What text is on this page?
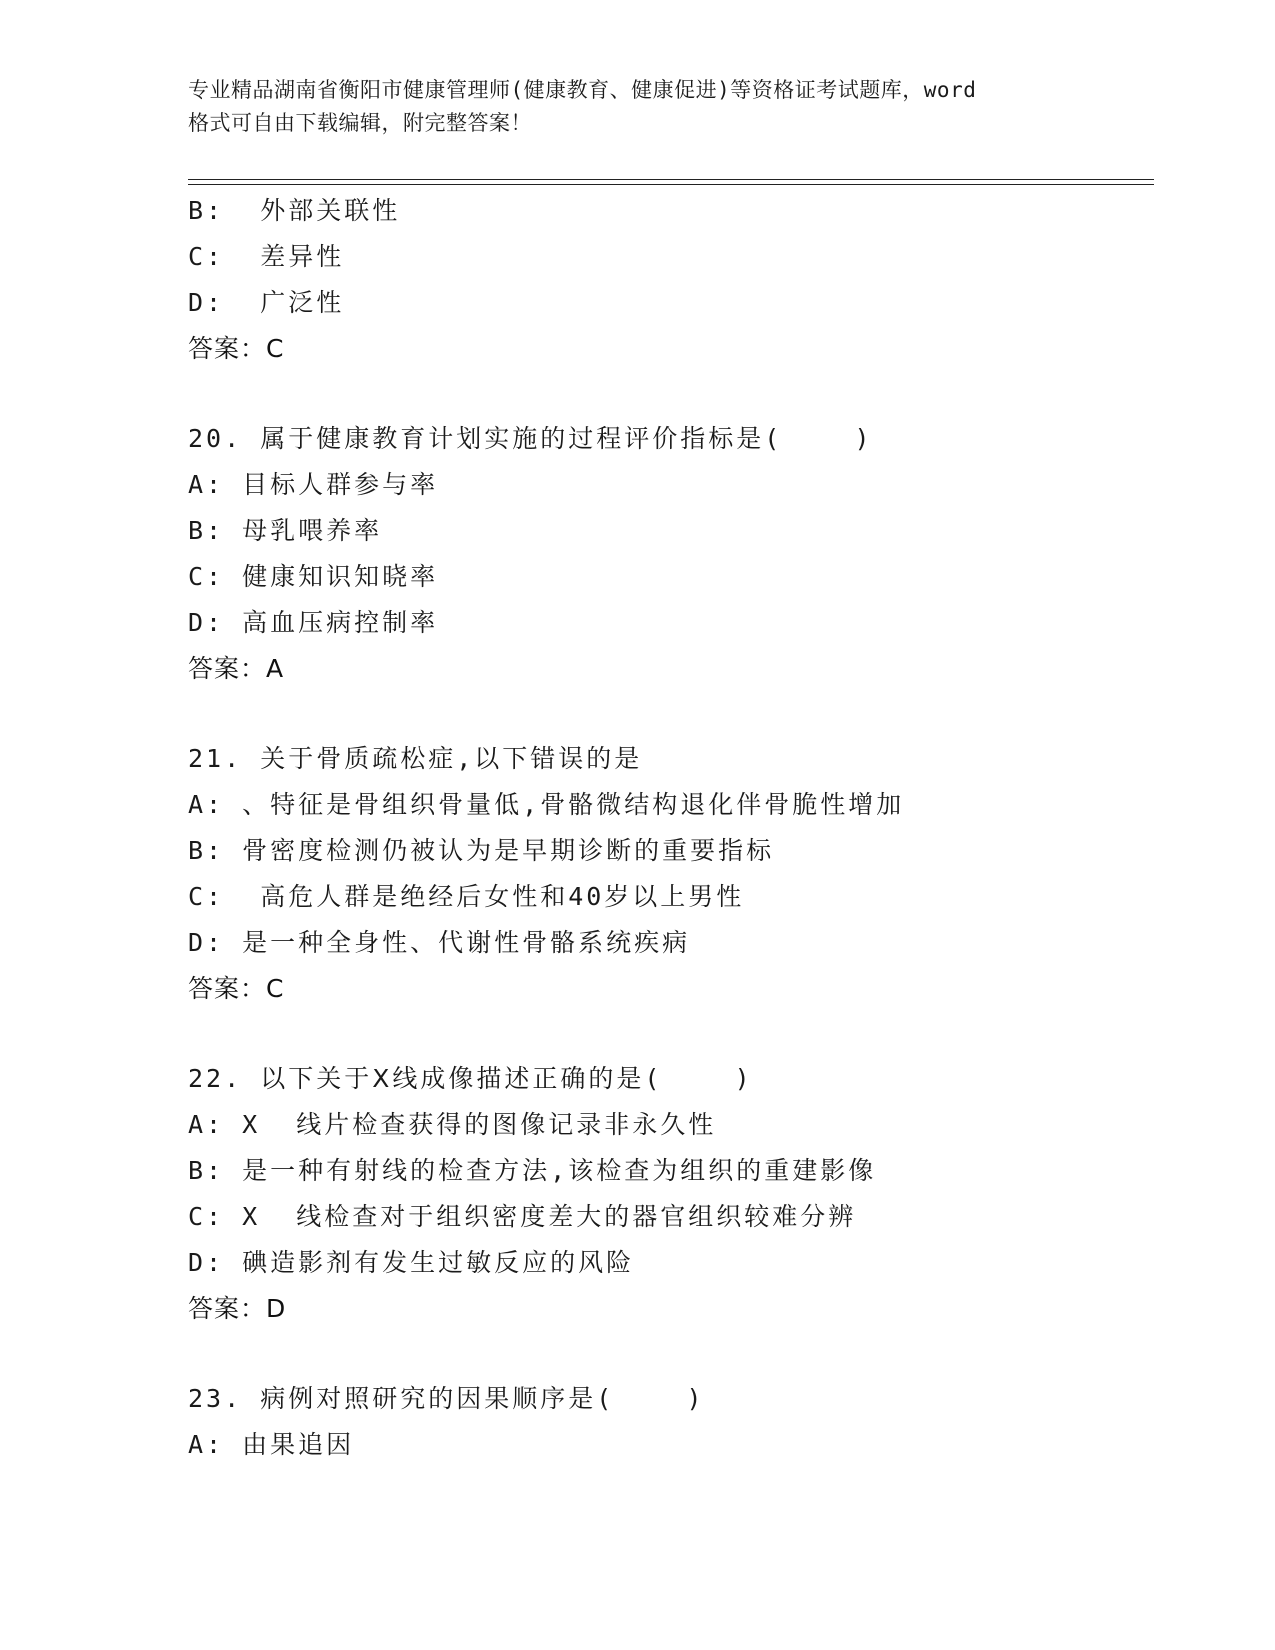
专业精品湖南省衡阳市健康管理师(健康教育、健康促进)等资格证考试题库，word
格式可自由下载编辑，附完整答案！
B:  外部关联性
C:  差异性
D:  广泛性
答案：C
20. 属于健康教育计划实施的过程评价指标是(    )
A: 目标人群参与率
B: 母乳喂养率
C: 健康知识知晓率
D: 高血压病控制率
答案：A
21. 关于骨质疏松症,以下错误的是
A: 、特征是骨组织骨量低,骨骼微结构退化伴骨脆性增加
B: 骨密度检测仍被认为是早期诊断的重要指标
C:  高危人群是绝经后女性和40岁以上男性
D: 是一种全身性、代谢性骨骼系统疾病
答案：C
22. 以下关于Ⅹ线成像描述正确的是(    )
A: X  线片检查获得的图像记录非永久性
B: 是一种有射线的检查方法,该检查为组织的重建影像
C: X  线检查对于组织密度差大的器官组织较难分辨
D: 碘造影剂有发生过敏反应的风险
答案：D
23. 病例对照研究的因果顺序是(    )
A: 由果追因
